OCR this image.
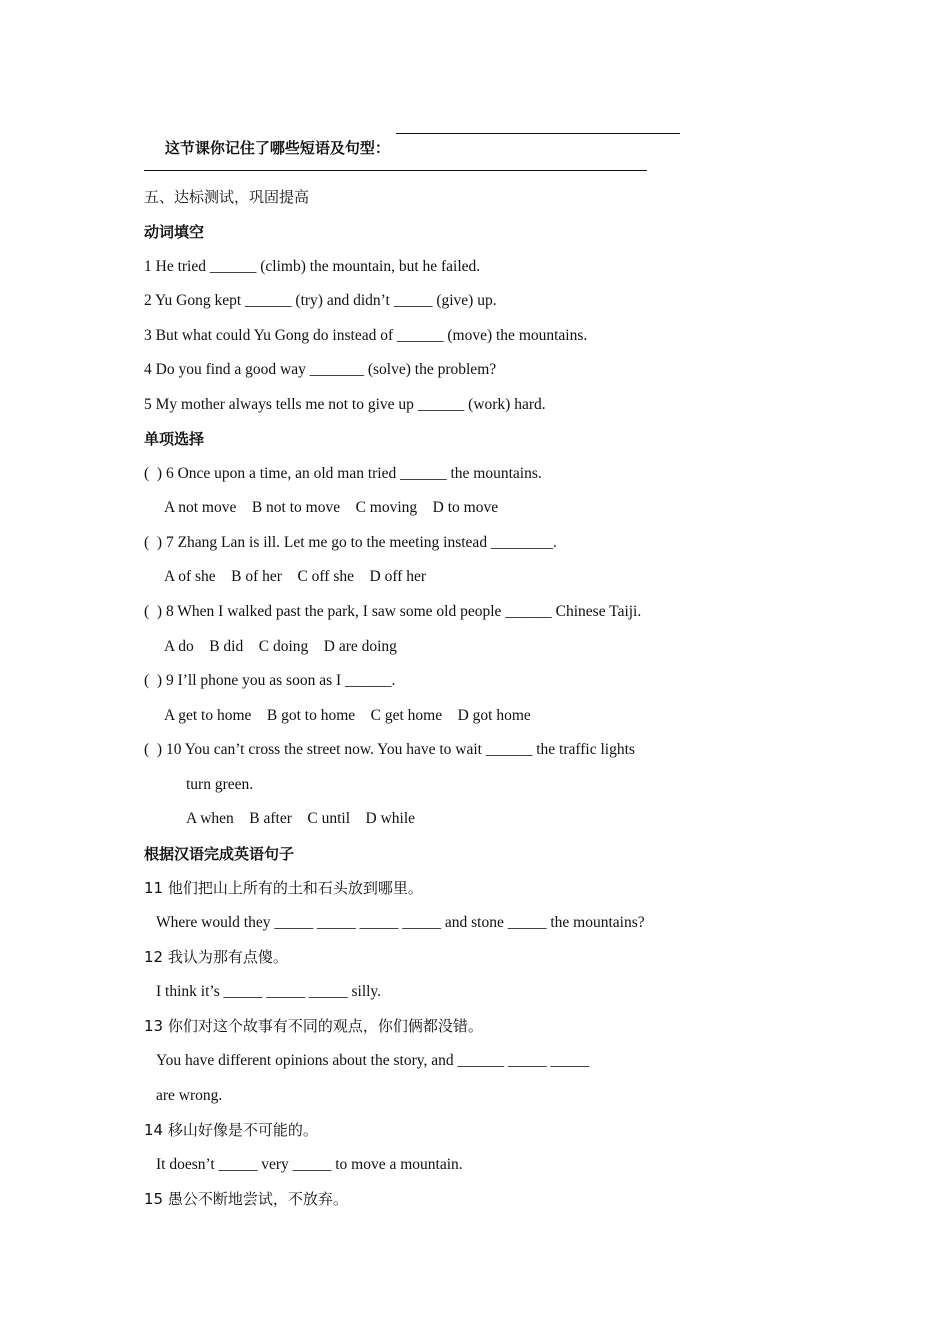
这节课你记住了哪些短语及句型：

五、达标测试，巩固提高
动词填空
1 He tried ______ (climb) the mountain, but he failed.
2 Yu Gong kept ______ (try) and didn’t _____ (give) up.
3 But what could Yu Gong do instead of ______ (move) the mountains.
4 Do you find a good way _______ (solve) the problem?
5 My mother always tells me not to give up ______ (work) hard.
单项选择
(  ) 6 Once upon a time, an old man tried ______ the mountains.
A not move    B not to move    C moving    D to move
(  ) 7 Zhang Lan is ill. Let me go to the meeting instead ________.
A of she    B of her    C off she    D off her
(  ) 8 When I walked past the park, I saw some old people ______ Chinese Taiji.
A do    B did    C doing    D are doing
(  ) 9 I’ll phone you as soon as I ______.
A get to home    B got to home    C get home    D got home
(  ) 10 You can’t cross the street now. You have to wait ______ the traffic lights
turn green.
A when    B after    C until    D while
根据汉语完成英语句子
11 他们把山上所有的土和石头放到哪里。
Where would they _____ _____ _____ _____ and stone _____ the mountains?
12 我认为那有点傻。
I think it’s _____ _____ _____ silly.
13 你们对这个故事有不同的观点，你们俩都没错。
You have different opinions about the story, and ______ _____ _____
are wrong.
14 移山好像是不可能的。
It doesn’t _____ very _____ to move a mountain.
15 愚公不断地尝试，不放弃。
